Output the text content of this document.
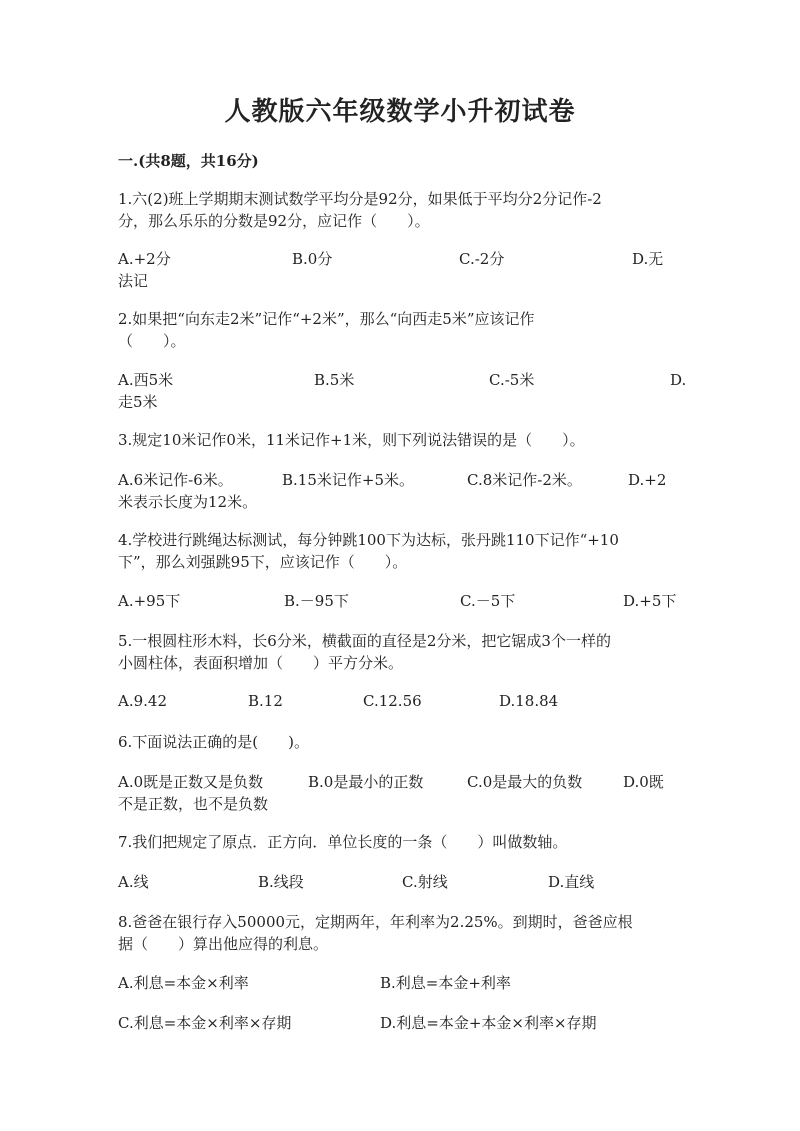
人教版六年级数学小升初试卷
一.(共8题，共16分)
1.六(2)班上学期期末测试数学平均分是92分，如果低于平均分2分记作-2
分，那么乐乐的分数是92分，应记作（　　）。
A.+2分	B.0分	C.-2分	D.无
法记
2.如果把“向东走2米”记作“+2米”，那么“向西走5米”应该记作
（　　）。
A.西5米	B.5米	C.-5米	D.
走5米
3.规定10米记作0米，11米记作+1米，则下列说法错误的是（　　）。
A.6米记作-6米。	B.15米记作+5米。	C.8米记作-2米。	D.+2
米表示长度为12米。
4.学校进行跳绳达标测试，每分钟跳100下为达标，张丹跳110下记作“+10
下”，那么刘强跳95下，应该记作（　　）。
A.+95下	B.－95下	C.－5下	D.+5下
5.一根圆柱形木料，长6分米，横截面的直径是2分米，把它锯成3个一样的
小圆柱体，表面积增加（　　）平方分米。
A.9.42	B.12	C.12.56	D.18.84
6.下面说法正确的是(　　)。
A.0既是正数又是负数	B.0是最小的正数	C.0是最大的负数	D.0既
不是正数，也不是负数
7.我们把规定了原点．正方向．单位长度的一条（　　）叫做数轴。
A.线	B.线段	C.射线	D.直线
8.爸爸在银行存入50000元，定期两年，年利率为2.25%。到期时，爸爸应根
据（　　）算出他应得的利息。
A.利息=本金×利率	B.利息=本金+利率
C.利息=本金×利率×存期	D.利息=本金+本金×利率×存期
